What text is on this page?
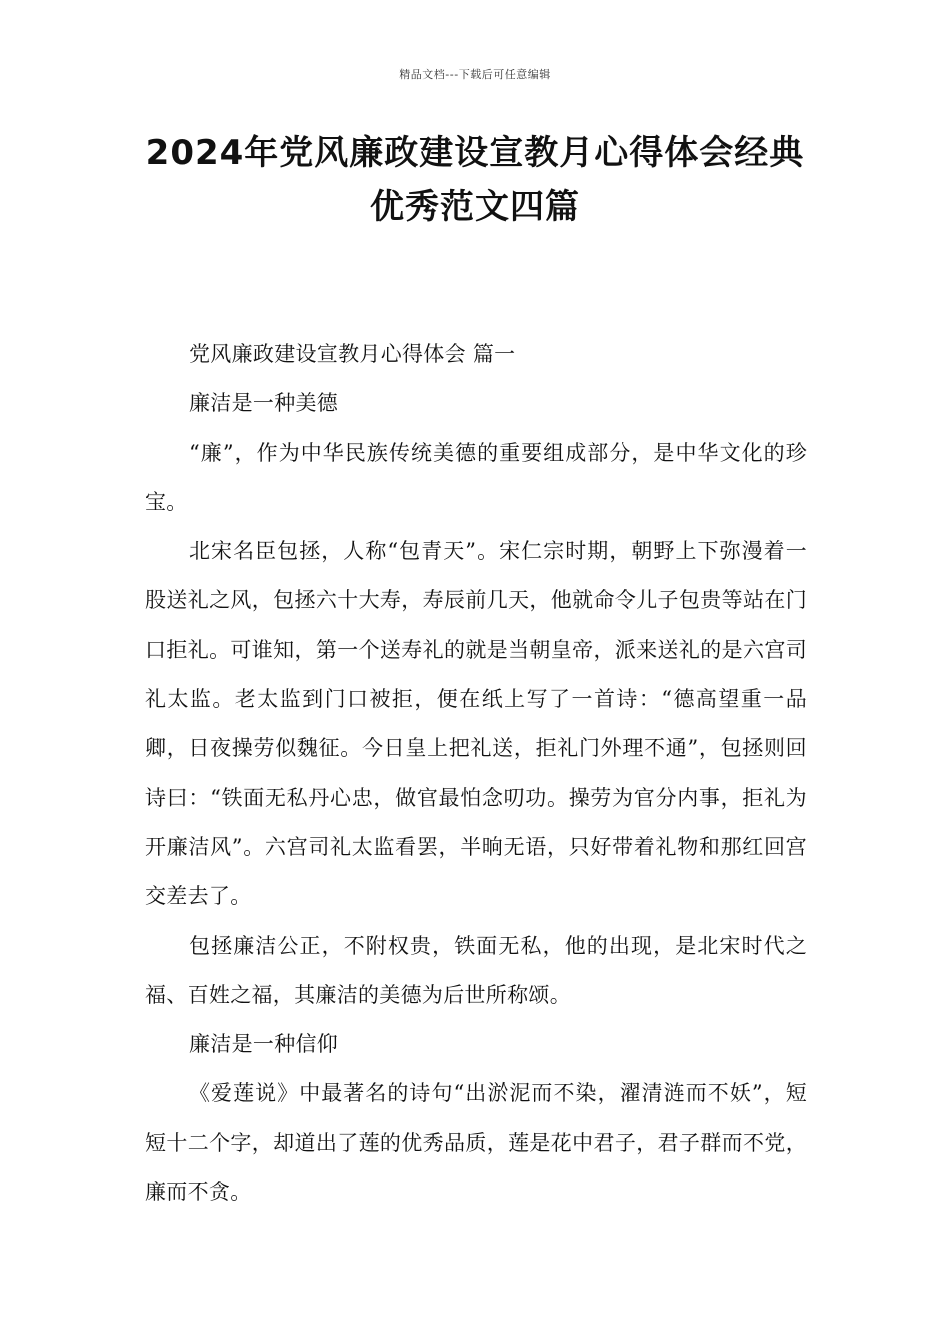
精品文档---下载后可任意编辑
2024年党风廉政建设宣教月心得体会经典优秀范文四篇

党风廉政建设宣教月心得体会 篇一

廉洁是一种美德

“廉”，作为中华民族传统美德的重要组成部分，是中华文化的珍宝。

北宋名臣包拯，人称“包青天”。宋仁宗时期，朝野上下弥漫着一股送礼之风，包拯六十大寿，寿辰前几天，他就命令儿子包贵等站在门口拒礼。可谁知，第一个送寿礼的就是当朝皇帝，派来送礼的是六宫司礼太监。老太监到门口被拒，便在纸上写了一首诗：“德高望重一品卿，日夜操劳似魏征。今日皇上把礼送，拒礼门外理不通”，包拯则回诗曰：“铁面无私丹心忠，做官最怕念叨功。操劳为官分内事，拒礼为开廉洁风”。六宫司礼太监看罢，半晌无语，只好带着礼物和那红回宫交差去了。

包拯廉洁公正，不附权贵，铁面无私，他的出现，是北宋时代之福、百姓之福，其廉洁的美德为后世所称颂。

廉洁是一种信仰

《爱莲说》中最著名的诗句“出淤泥而不染，濯清涟而不妖”，短短十二个字，却道出了莲的优秀品质，莲是花中君子，君子群而不党，廉而不贪。
